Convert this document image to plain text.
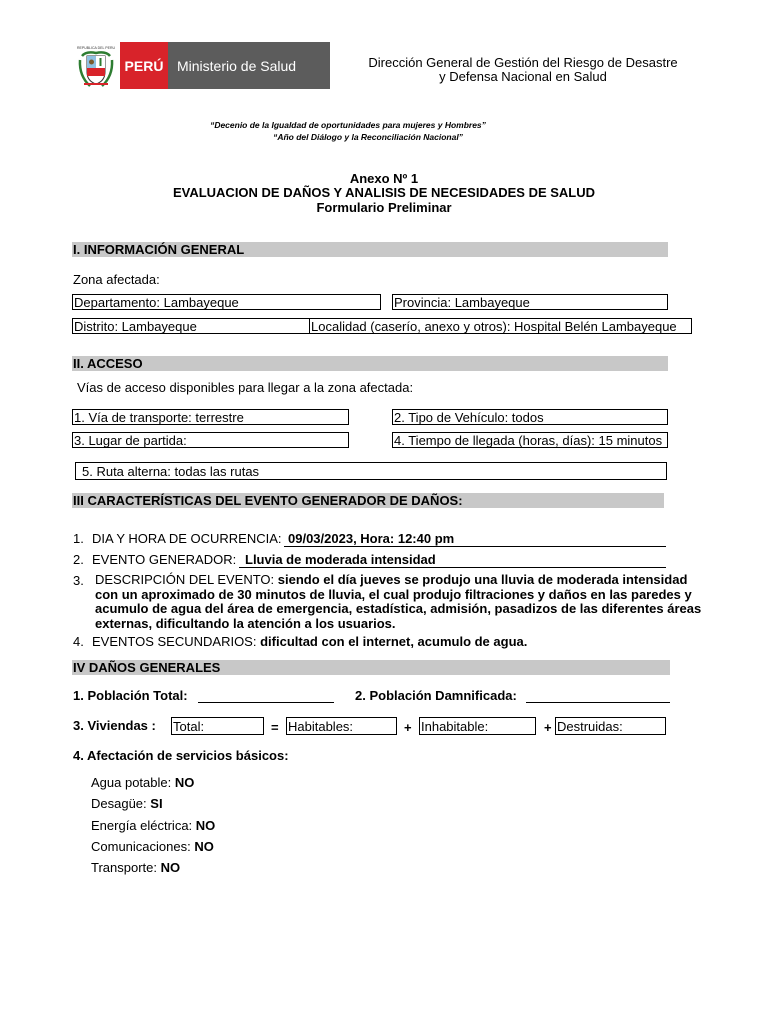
REPUBLICA DEL PERU
PERÚ Ministerio de Salud	Dirección General de Gestión del Riesgo de Desastre
y Defensa Nacional en Salud
“Decenio de la Igualdad de oportunidades para mujeres y Hombres”
“Año del Diálogo y la Reconciliación Nacional”
Anexo Nº 1
EVALUACION DE DAÑOS Y ANALISIS DE NECESIDADES DE SALUD
Formulario Preliminar
I. INFORMACIÓN GENERAL
Zona afectada:
Departamento: Lambayeque	Provincia: Lambayeque
Distrito: Lambayeque	Localidad (caserío, anexo y otros): Hospital Belén Lambayeque
II. ACCESO
Vías de acceso disponibles para llegar a la zona afectada:
1. Vía de transporte: terrestre	2. Tipo de Vehículo: todos
3. Lugar de partida:	4. Tiempo de llegada (horas, días): 15 minutos
5. Ruta alterna: todas las rutas
III CARACTERÍSTICAS DEL EVENTO GENERADOR DE DAÑOS:
1. DIA Y HORA DE OCURRENCIA: 09/03/2023, Hora: 12:40 pm
2. EVENTO GENERADOR: Lluvia de moderada intensidad
3. DESCRIPCIÓN DEL EVENTO: siendo el día jueves se produjo una lluvia de moderada intensidad con un aproximado de 30 minutos de lluvia, el cual produjo filtraciones y daños en las paredes y acumulo de agua del área de emergencia, estadística, admisión, pasadizos de las diferentes áreas externas, dificultando la atención a los usuarios.
4. EVENTOS SECUNDARIOS: dificultad con el internet, acumulo de agua.
IV DAÑOS GENERALES
1. Población Total:	2. Población Damnificada:
3. Viviendas : Total:	= Habitables:	+ Inhabitable:	+ Destruidas:
4. Afectación de servicios básicos:
Agua potable: NO
Desagüe: SI
Energía eléctrica: NO
Comunicaciones: NO
Transporte: NO
